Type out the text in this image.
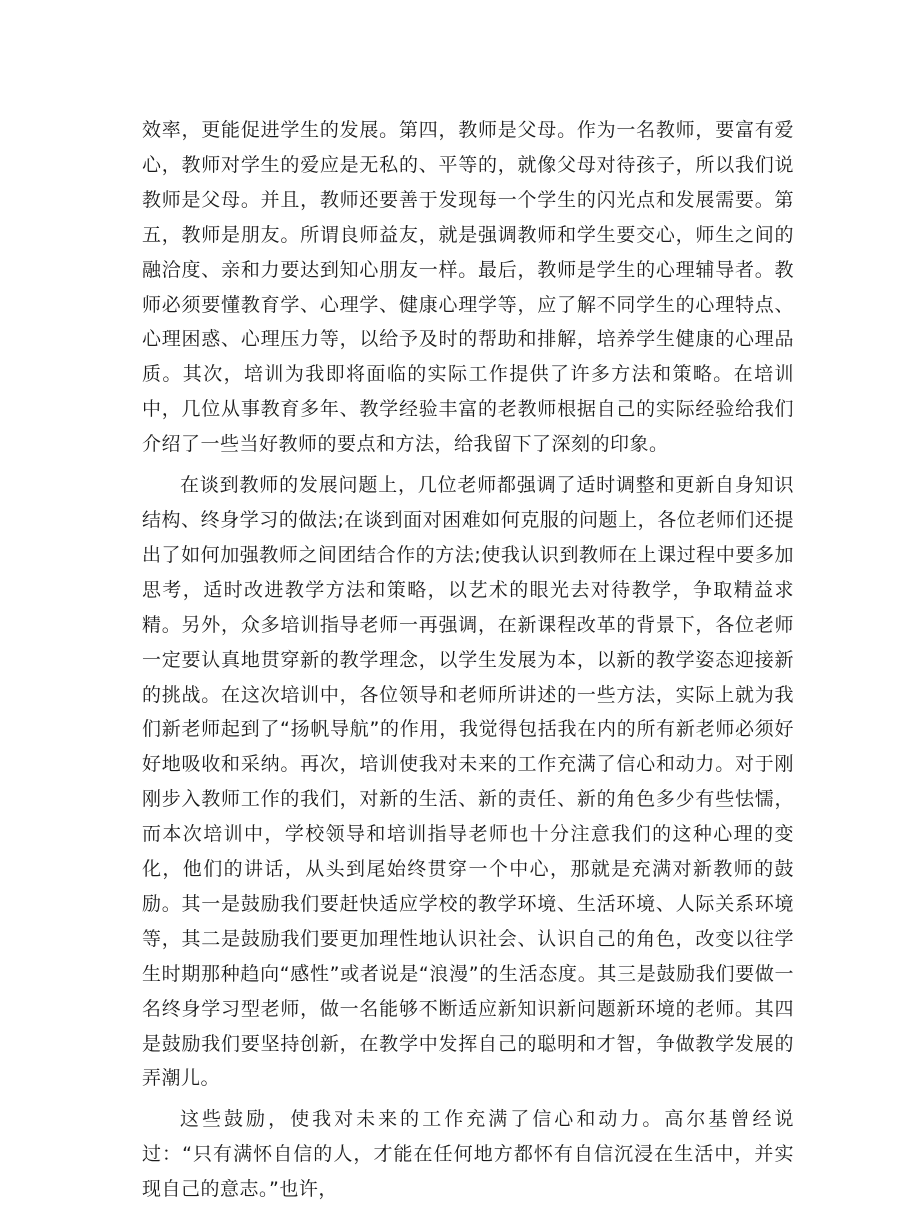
效率，更能促进学生的发展。第四，教师是父母。作为一名教师，要富有爱心，教师对学生的爱应是无私的、平等的，就像父母对待孩子，所以我们说教师是父母。并且，教师还要善于发现每一个学生的闪光点和发展需要。第五，教师是朋友。所谓良师益友，就是强调教师和学生要交心，师生之间的融洽度、亲和力要达到知心朋友一样。最后，教师是学生的心理辅导者。教师必须要懂教育学、心理学、健康心理学等，应了解不同学生的心理特点、心理困惑、心理压力等，以给予及时的帮助和排解，培养学生健康的心理品质。其次，培训为我即将面临的实际工作提供了许多方法和策略。在培训中，几位从事教育多年、教学经验丰富的老教师根据自己的实际经验给我们介绍了一些当好教师的要点和方法，给我留下了深刻的印象。

在谈到教师的发展问题上，几位老师都强调了适时调整和更新自身知识结构、终身学习的做法;在谈到面对困难如何克服的问题上，各位老师们还提出了如何加强教师之间团结合作的方法;使我认识到教师在上课过程中要多加思考，适时改进教学方法和策略，以艺术的眼光去对待教学，争取精益求精。另外，众多培训指导老师一再强调，在新课程改革的背景下，各位老师一定要认真地贯穿新的教学理念，以学生发展为本，以新的教学姿态迎接新的挑战。在这次培训中，各位领导和老师所讲述的一些方法，实际上就为我们新老师起到了“扬帆导航”的作用，我觉得包括我在内的所有新老师必须好好地吸收和采纳。再次，培训使我对未来的工作充满了信心和动力。对于刚刚步入教师工作的我们，对新的生活、新的责任、新的角色多少有些怯懦，而本次培训中，学校领导和培训指导老师也十分注意我们的这种心理的变化，他们的讲话，从头到尾始终贯穿一个中心，那就是充满对新教师的鼓励。其一是鼓励我们要赶快适应学校的教学环境、生活环境、人际关系环境等，其二是鼓励我们要更加理性地认识社会、认识自己的角色，改变以往学生时期那种趋向“感性”或者说是“浪漫”的生活态度。其三是鼓励我们要做一名终身学习型老师，做一名能够不断适应新知识新问题新环境的老师。其四是鼓励我们要坚持创新，在教学中发挥自己的聪明和才智，争做教学发展的弄潮儿。

这些鼓励，使我对未来的工作充满了信心和动力。高尔基曾经说过：“只有满怀自信的人，才能在任何地方都怀有自信沉浸在生活中，并实现自己的意志。”也许，
